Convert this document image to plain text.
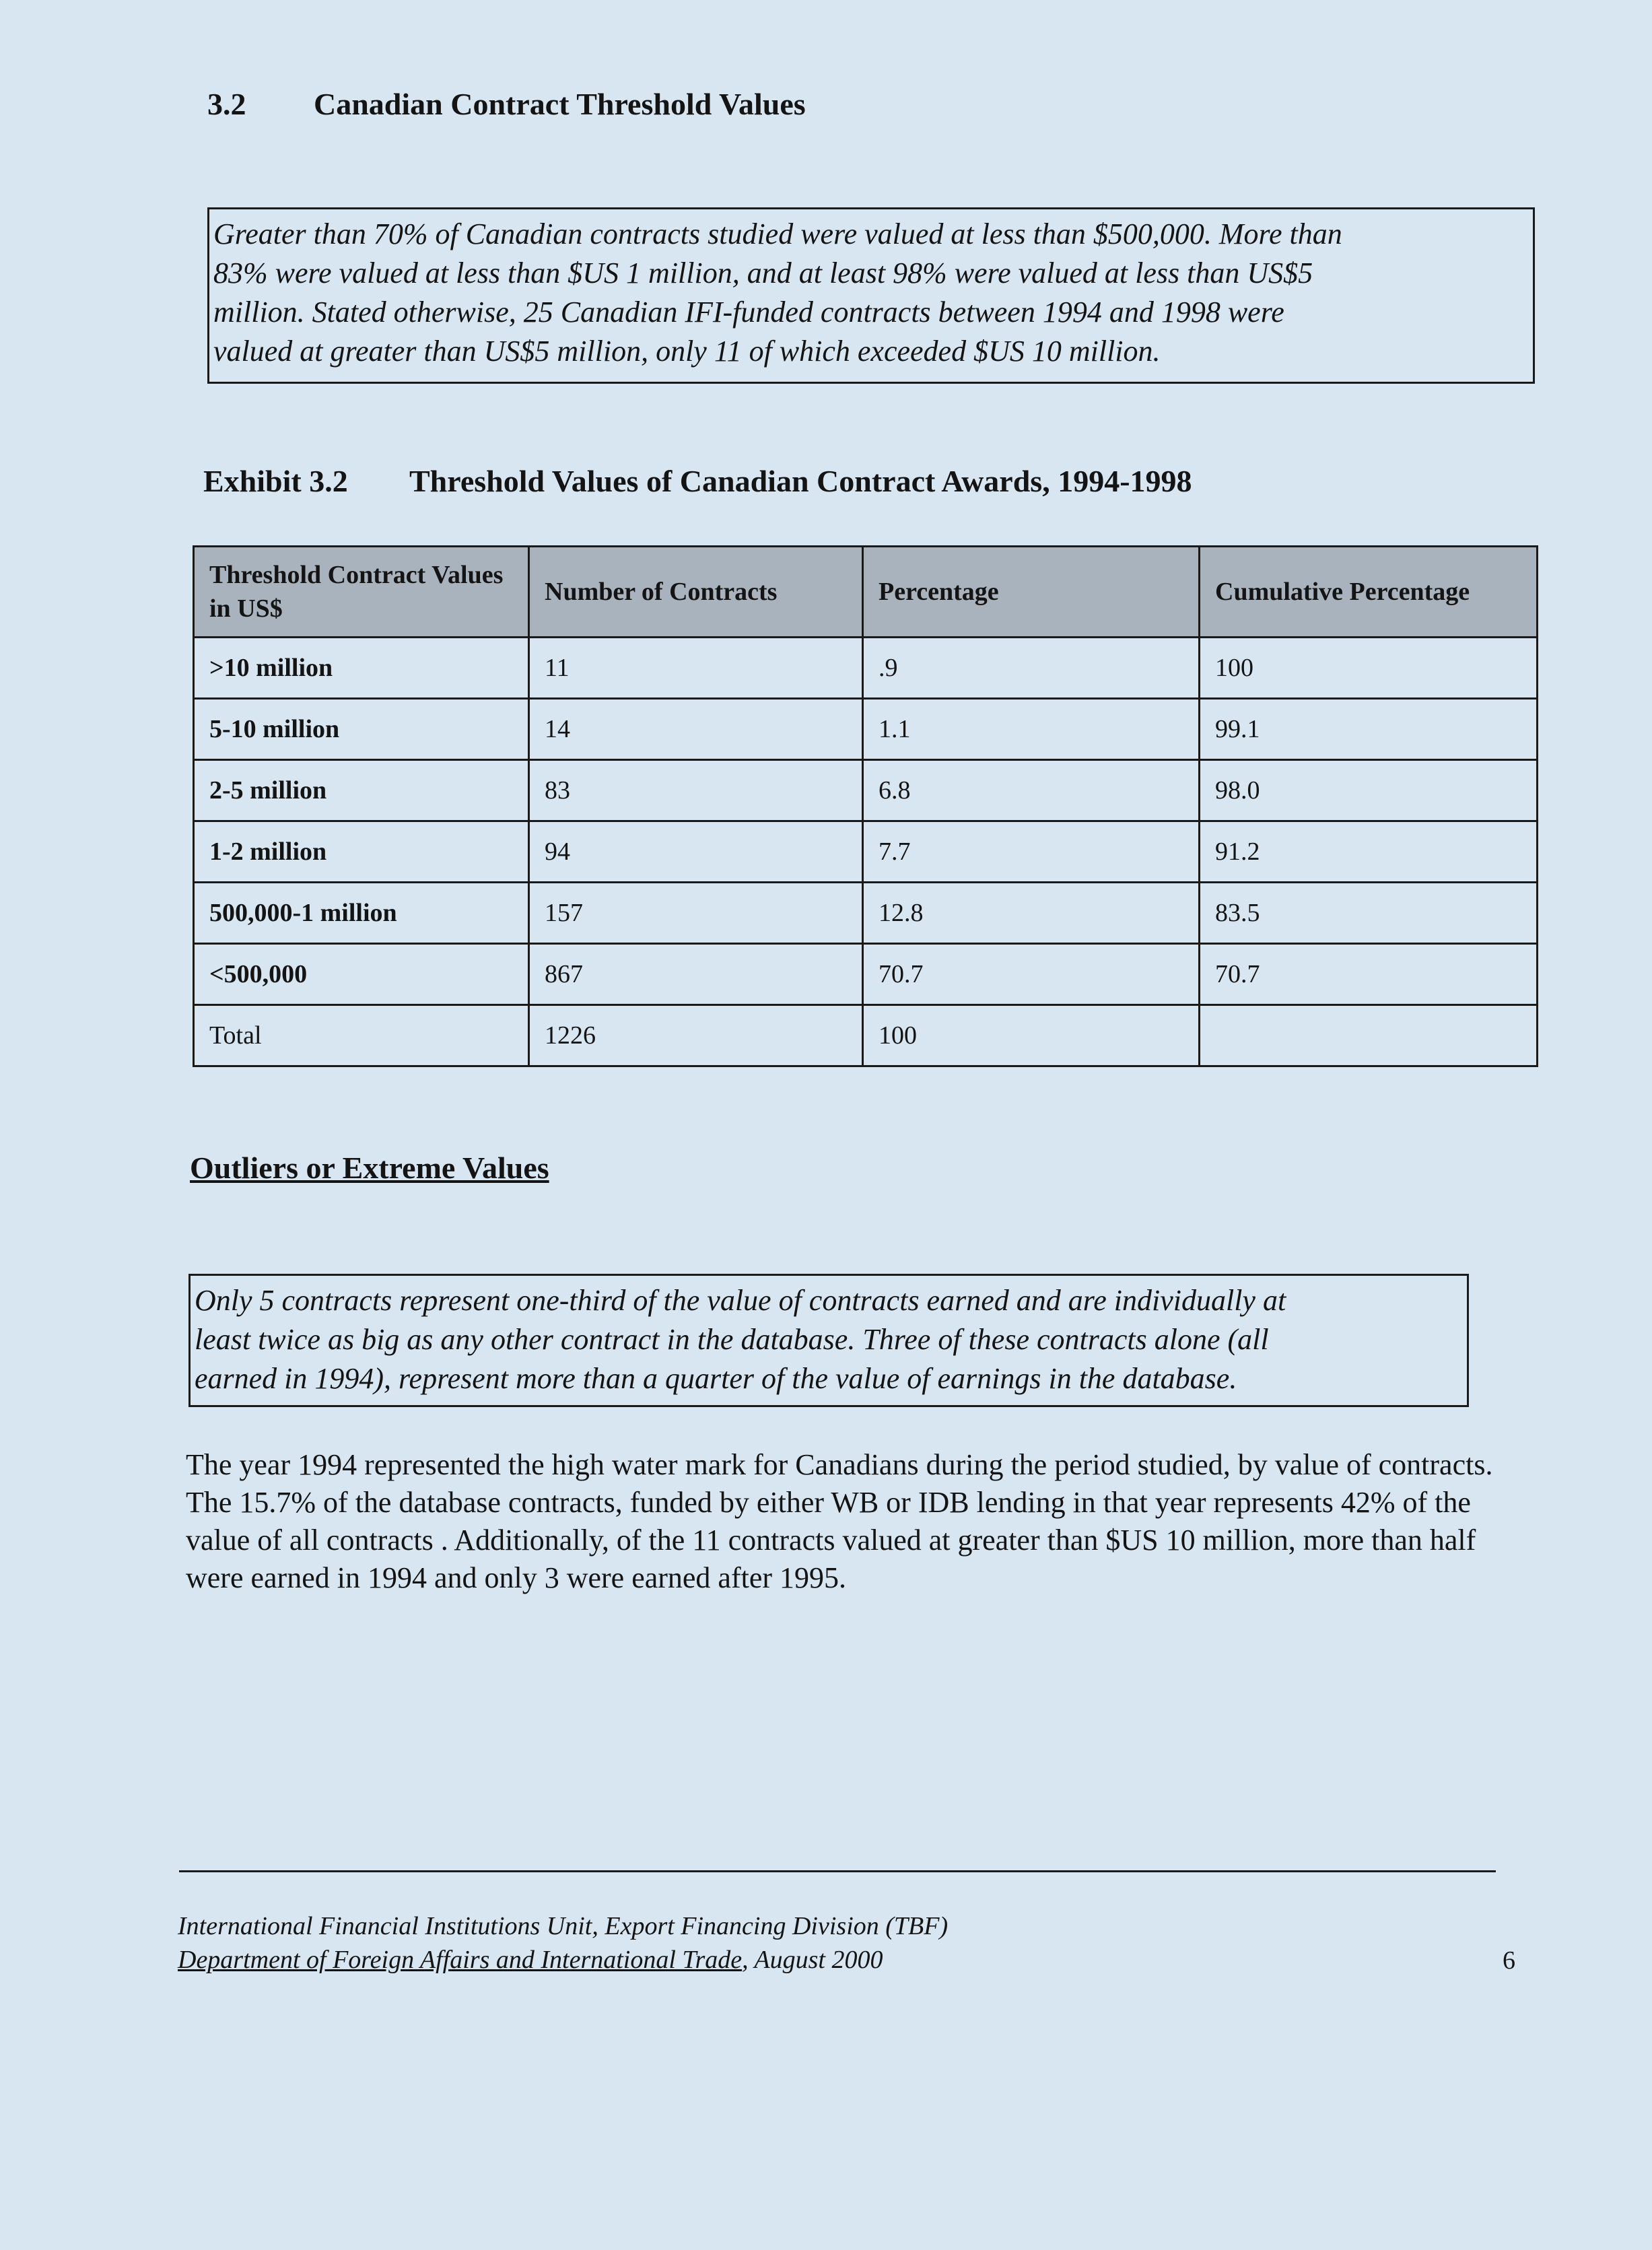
3.2 Canadian Contract Threshold Values
Greater than 70% of Canadian contracts studied were valued at less than $500,000. More than
83% were valued at less than $US 1 million, and at least 98% were valued at less than US$5
million. Stated otherwise, 25 Canadian IFI-funded contracts between 1994 and 1998 were
valued at greater than US$5 million, only 11 of which exceeded $US 10 million.
Exhibit 3.2 Threshold Values of Canadian Contract Awards, 1994-1998
Threshold Contract Values in US$	Number of Contracts	Percentage	Cumulative Percentage
>10 million	11	.9	100
5-10 million	14	1.1	99.1
2-5 million	83	6.8	98.0
1-2 million	94	7.7	91.2
500,000-1 million	157	12.8	83.5
<500,000	867	70.7	70.7
Total	1226	100	
Outliers or Extreme Values
Only 5 contracts represent one-third of the value of contracts earned and are individually at
least twice as big as any other contract in the database. Three of these contracts alone (all
earned in 1994), represent more than a quarter of the value of earnings in the database.
The year 1994 represented the high water mark for Canadians during the period studied, by value of contracts. The 15.7% of the database contracts, funded by either WB or IDB lending in that year represents 42% of the value of all contracts . Additionally, of the 11 contracts valued at greater than $US 10 million, more than half were earned in 1994 and only 3 were earned after 1995.
International Financial Institutions Unit, Export Financing Division (TBF)
Department of Foreign Affairs and International Trade, August 2000	6
